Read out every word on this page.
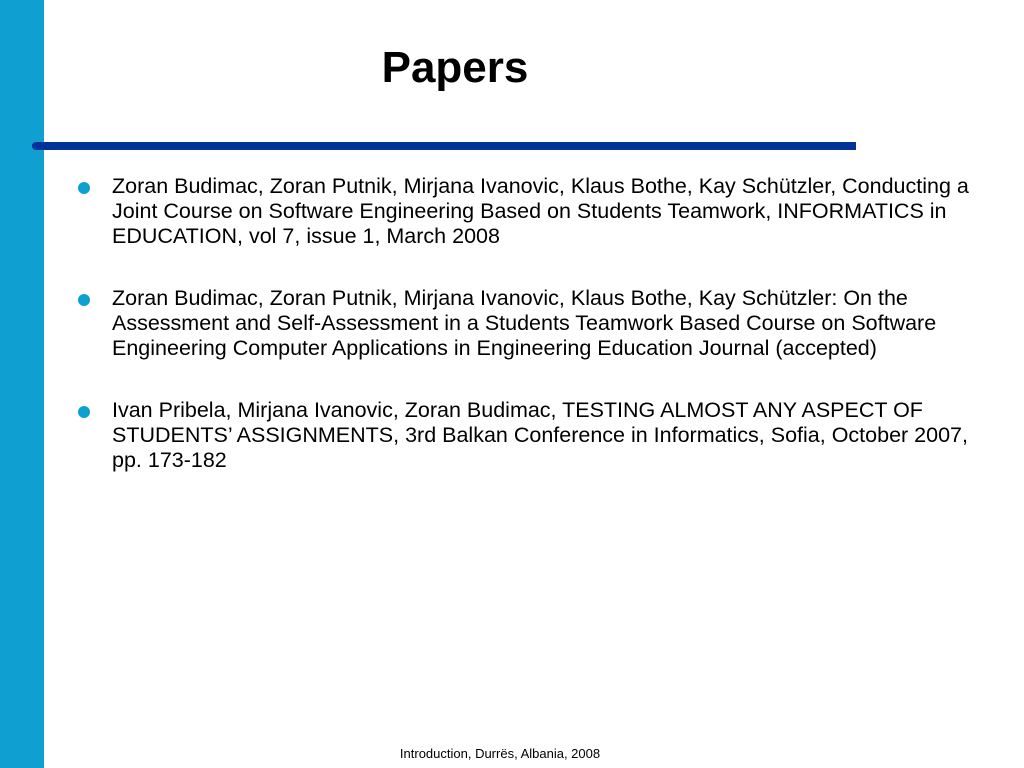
Papers
Zoran Budimac, Zoran Putnik, Mirjana Ivanovic, Klaus Bothe, Kay Schützler, Conducting a Joint Course on Software Engineering Based on Students Teamwork, INFORMATICS in EDUCATION, vol 7, issue 1, March 2008
Zoran Budimac, Zoran Putnik, Mirjana Ivanovic, Klaus Bothe, Kay Schützler: On the Assessment and Self-Assessment in a Students Teamwork Based Course on Software Engineering Computer Applications in Engineering Education Journal (accepted)
Ivan Pribela, Mirjana Ivanovic, Zoran Budimac, TESTING ALMOST ANY ASPECT OF STUDENTS’ ASSIGNMENTS, 3rd Balkan Conference in Informatics, Sofia, October 2007, pp. 173-182
Introduction, Durrës, Albania, 2008
